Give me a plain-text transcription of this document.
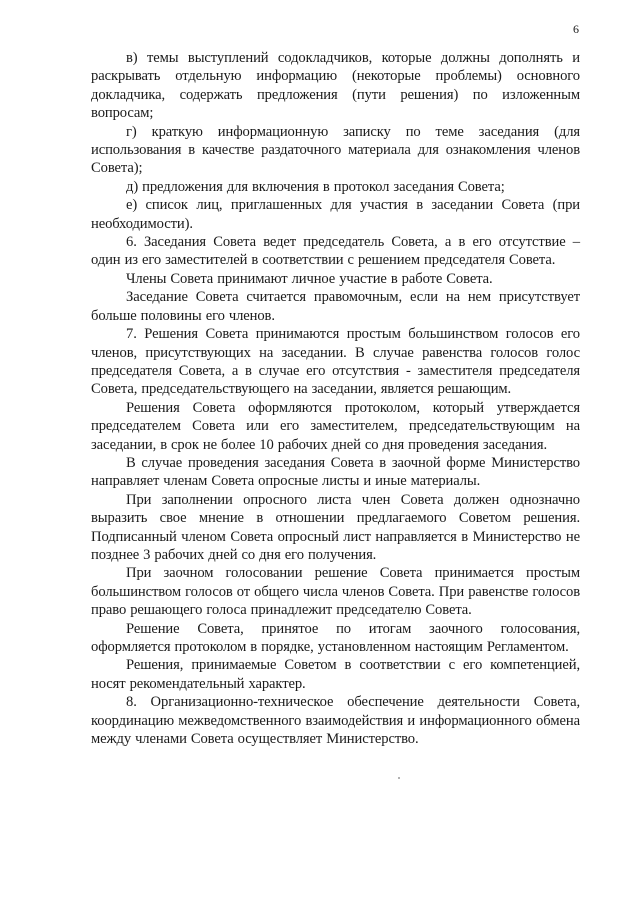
6

в) темы выступлений содокладчиков, которые должны дополнять и раскрывать отдельную информацию (некоторые проблемы) основного докладчика, содержать предложения (пути решения) по изложенным вопросам;

г) краткую информационную записку по теме заседания (для использования в качестве раздаточного материала для ознакомления членов Совета);

д) предложения для включения в протокол заседания Совета;

е) список лиц, приглашенных для участия в заседании Совета (при необходимости).

6. Заседания Совета ведет председатель Совета, а в его отсутствие – один из его заместителей в соответствии с решением председателя Совета.

Члены Совета принимают личное участие в работе Совета.

Заседание Совета считается правомочным, если на нем присутствует больше половины его членов.

7. Решения Совета принимаются простым большинством голосов его членов, присутствующих на заседании. В случае равенства голосов голос председателя Совета, а в случае его отсутствия - заместителя председателя Совета, председательствующего на заседании, является решающим.

Решения Совета оформляются протоколом, который утверждается председателем Совета или его заместителем, председательствующим на заседании, в срок не более 10 рабочих дней со дня проведения заседания.

В случае проведения заседания Совета в заочной форме Министерство направляет членам Совета опросные листы и иные материалы.

При заполнении опросного листа член Совета должен однозначно выразить свое мнение в отношении предлагаемого Советом решения. Подписанный членом Совета опросный лист направляется в Министерство не позднее 3 рабочих дней со дня его получения.

При заочном голосовании решение Совета принимается простым большинством голосов от общего числа членов Совета. При равенстве голосов право решающего голоса принадлежит председателю Совета.

Решение Совета, принятое по итогам заочного голосования, оформляется протоколом в порядке, установленном настоящим Регламентом.

Решения, принимаемые Советом в соответствии с его компетенцией, носят рекомендательный характер.

8. Организационно-техническое обеспечение деятельности Совета, координацию межведомственного взаимодействия и информационного обмена между членами Совета осуществляет Министерство.
